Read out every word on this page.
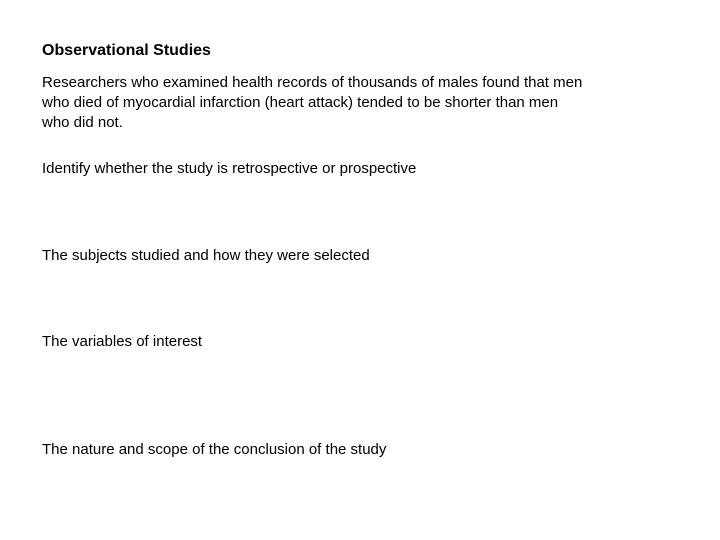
Observational Studies
Researchers who examined health records of thousands of males found that men
who died of myocardial infarction (heart attack) tended to be shorter than men
who did not.
Identify whether the study is retrospective or prospective
The subjects studied and how they were selected
The variables of interest
The nature and scope of the conclusion of the study
